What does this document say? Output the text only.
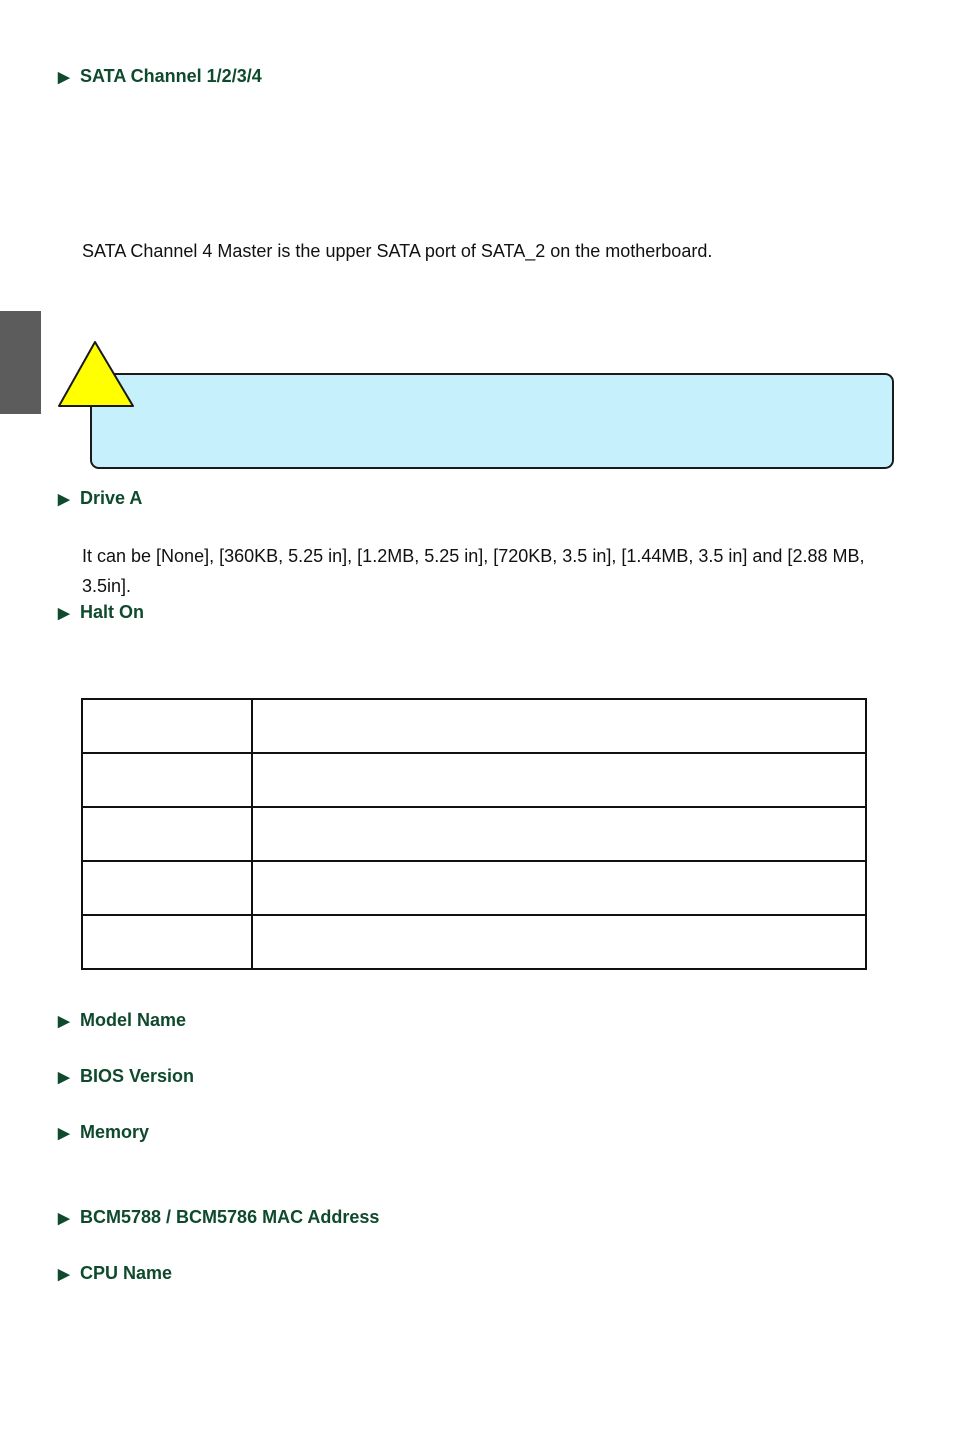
▶ SATA Channel 1/2/3/4
SATA Channel 4 Master is the upper SATA port of SATA_2 on the motherboard.
▶ Drive A
It can be [None], [360KB, 5.25 in], [1.2MB, 5.25 in], [720KB, 3.5 in], [1.44MB, 3.5 in] and [2.88 MB, 3.5in].
▶ Halt On

▶ Model Name
▶ BIOS Version
▶ Memory
▶ BCM5788 / BCM5786 MAC Address
▶ CPU Name
